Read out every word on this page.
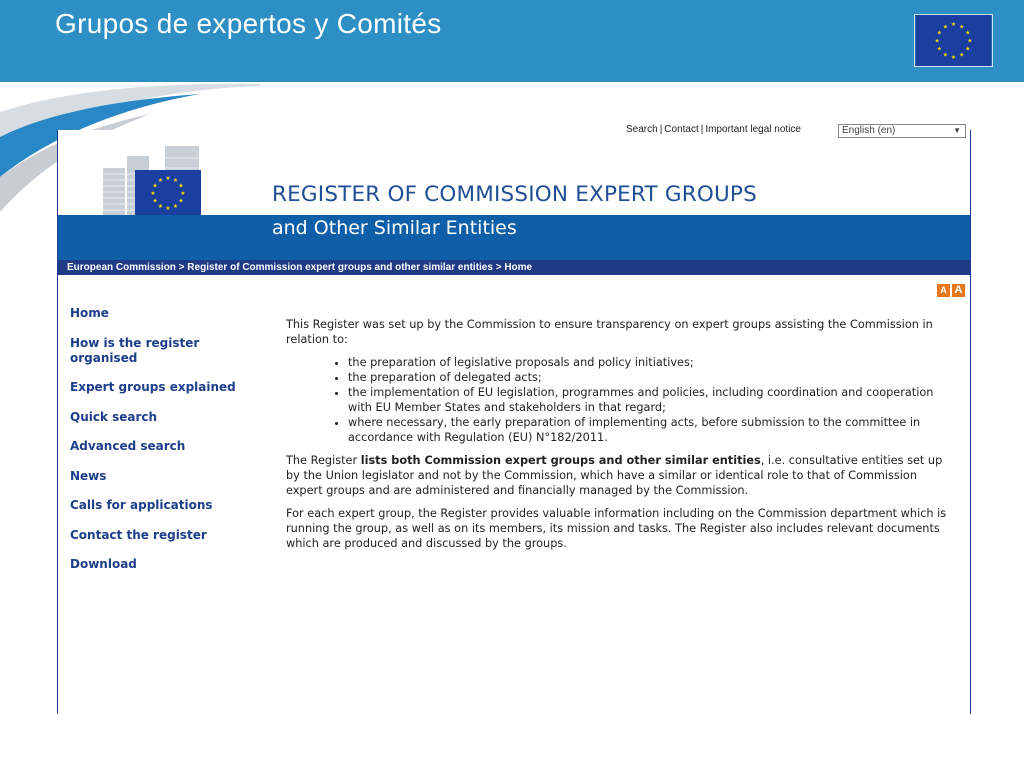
Grupos de expertos y Comités	★ ★
★
★
★
★
★
★
★
★
★
★
Search | Contact | Important legal notice	English (en)	▼
★ ★
★
★
★
★
★
★
★
★
★
★
REGISTER OF COMMISSION EXPERT GROUPS
and Other Similar Entities
European Commission > Register of Commission expert groups and other similar entities > Home
A A
Home
How is the register organised
Expert groups explained
Quick search
Advanced search
News
Calls for applications
Contact the register
Download

This Register was set up by the Commission to ensure transparency on expert groups assisting the Commission in relation to:

• the preparation of legislative proposals and policy initiatives;
• the preparation of delegated acts;
• the implementation of EU legislation, programmes and policies, including coordination and cooperation with EU Member States and stakeholders in that regard;
• where necessary, the early preparation of implementing acts, before submission to the committee in accordance with Regulation (EU) N°182/2011.

The Register lists both Commission expert groups and other similar entities, i.e. consultative entities set up by the Union legislator and not by the Commission, which have a similar or identical role to that of Commission expert groups and are administered and financially managed by the Commission.

For each expert group, the Register provides valuable information including on the Commission department which is running the group, as well as on its members, its mission and tasks. The Register also includes relevant documents which are produced and discussed by the groups.
